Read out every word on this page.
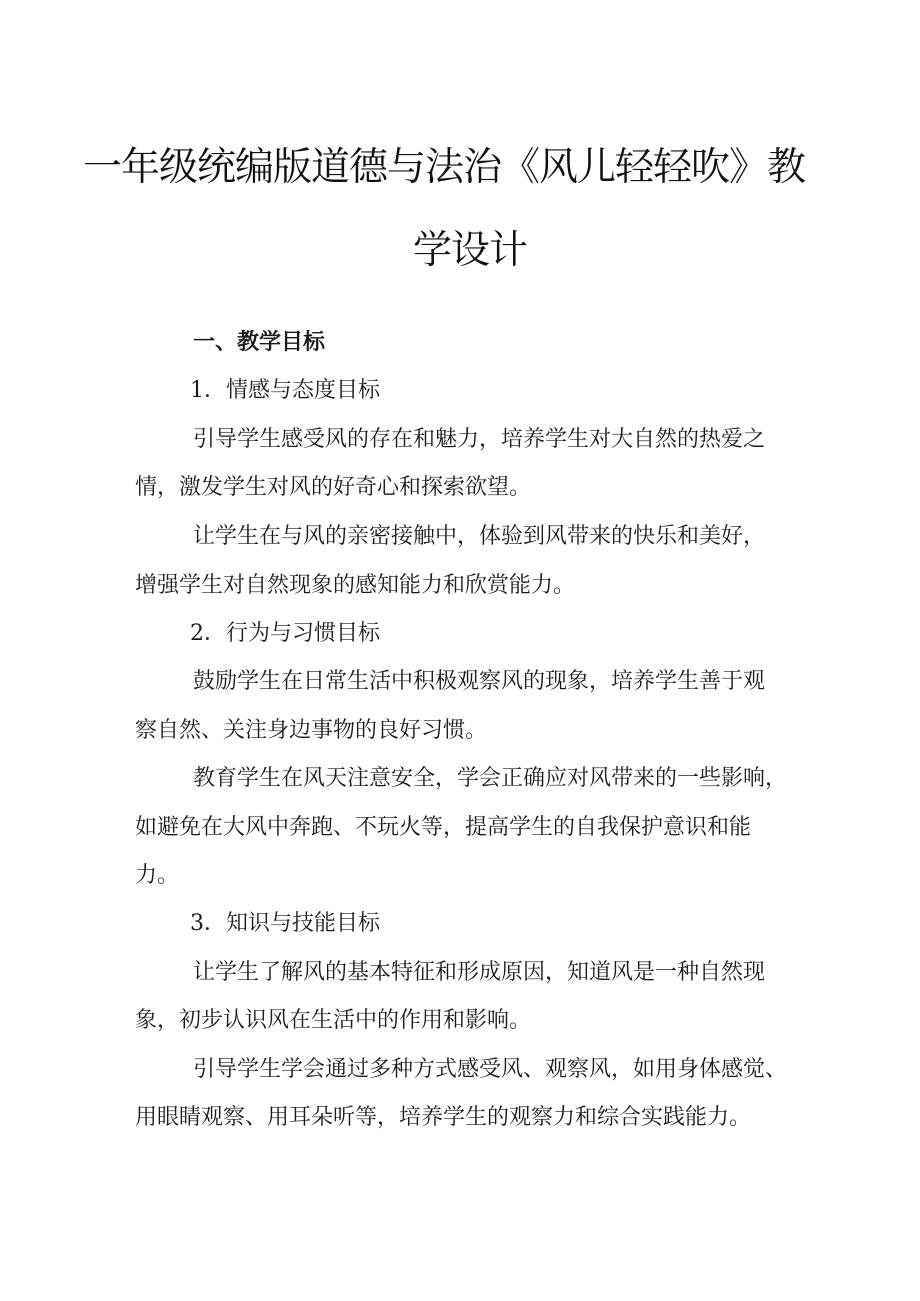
一年级统编版道德与法治《风儿轻轻吹》教
学设计
一、教学目标
1．情感与态度目标
引导学生感受风的存在和魅力，培养学生对大自然的热爱之
情，激发学生对风的好奇心和探索欲望。
让学生在与风的亲密接触中，体验到风带来的快乐和美好，
增强学生对自然现象的感知能力和欣赏能力。
2．行为与习惯目标
鼓励学生在日常生活中积极观察风的现象，培养学生善于观
察自然、关注身边事物的良好习惯。
教育学生在风天注意安全，学会正确应对风带来的一些影响，
如避免在大风中奔跑、不玩火等，提高学生的自我保护意识和能
力。
3．知识与技能目标
让学生了解风的基本特征和形成原因，知道风是一种自然现
象，初步认识风在生活中的作用和影响。
引导学生学会通过多种方式感受风、观察风，如用身体感觉、
用眼睛观察、用耳朵听等，培养学生的观察力和综合实践能力。
